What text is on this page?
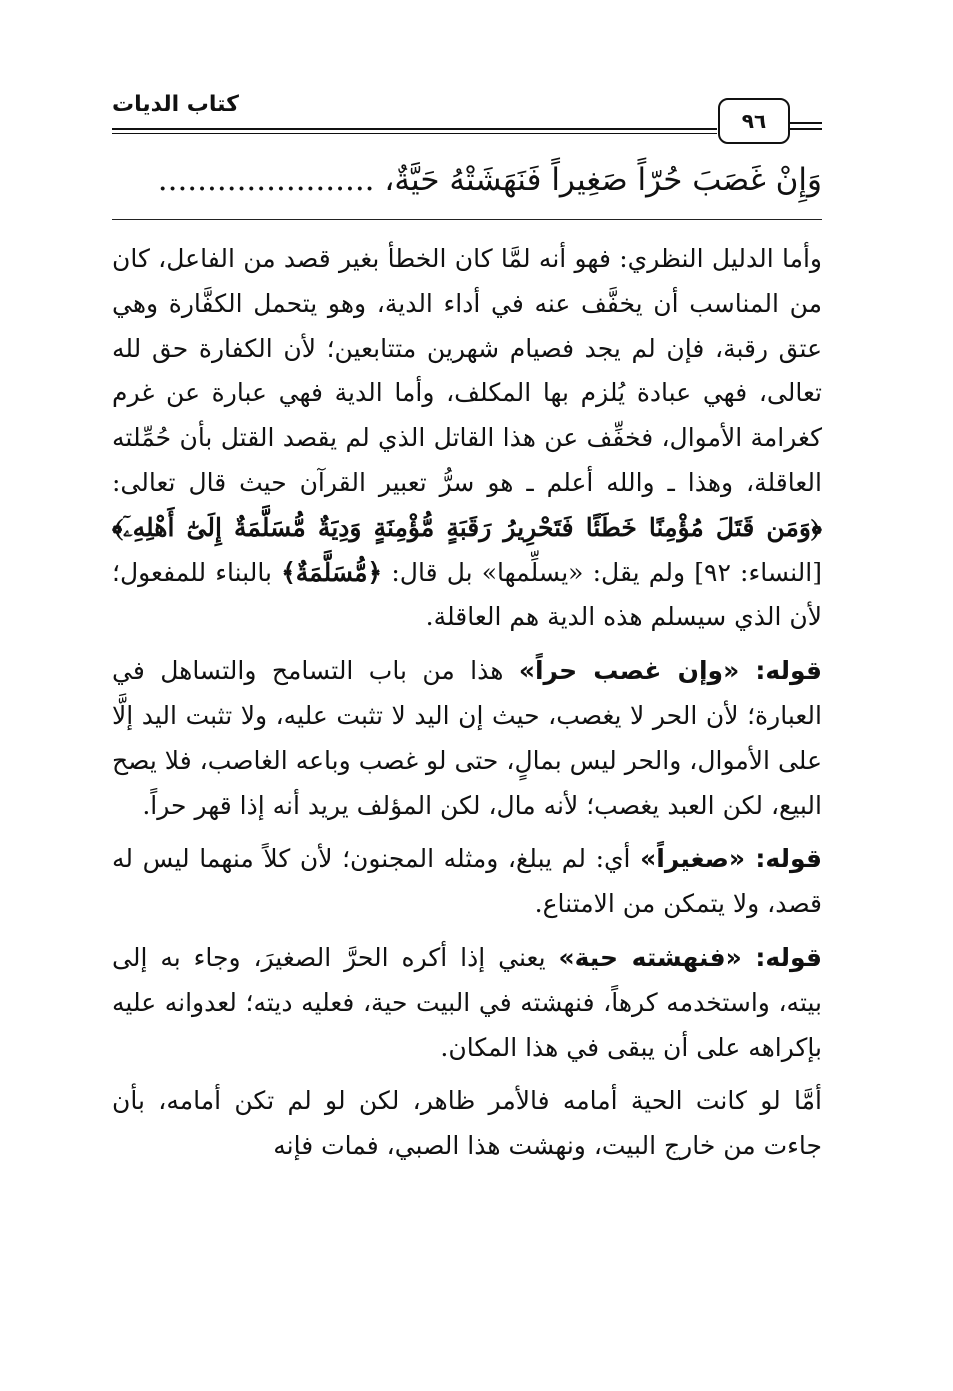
كتاب الديات
٩٦
وَإِنْ غَصَبَ حُرّاً صَغِيراً فَنَهَشَتْهُ حَيَّةٌ، ......................

وأما الدليل النظري: فهو أنه لمَّا كان الخطأ بغير قصد من الفاعل، كان من المناسب أن يخفَّف عنه في أداء الدية، وهو يتحمل الكفَّارة وهي عتق رقبة، فإن لم يجد فصيام شهرين متتابعين؛ لأن الكفارة حق لله تعالى، فهي عبادة يُلزم بها المكلف، وأما الدية فهي عبارة عن غرم كغرامة الأموال، فخفِّف عن هذا القاتل الذي لم يقصد القتل بأن حُمِّلته العاقلة، وهذا ـ والله أعلم ـ هو سرُّ تعبير القرآن حيث قال تعالى: ﴿وَمَن قَتَلَ مُؤْمِنًا خَطَئًا فَتَحْرِيرُ رَقَبَةٍ مُّؤْمِنَةٍ وَدِيَةٌ مُّسَلَّمَةٌ إِلَىٰٓ أَهْلِهِۦٓ﴾ [النساء: ٩٢] ولم يقل: «يسلِّمها» بل قال: ﴿مُّسَلَّمَةٌ﴾ بالبناء للمفعول؛ لأن الذي سيسلم هذه الدية هم العاقلة.

قوله: «وإن غصب حراً» هذا من باب التسامح والتساهل في العبارة؛ لأن الحر لا يغصب، حيث إن اليد لا تثبت عليه، ولا تثبت اليد إلَّا على الأموال، والحر ليس بمالٍ، حتى لو غصب وباعه الغاصب، فلا يصح البيع، لكن العبد يغصب؛ لأنه مال، لكن المؤلف يريد أنه إذا قهر حراً.

قوله: «صغيراً» أي: لم يبلغ، ومثله المجنون؛ لأن كلاً منهما ليس له قصد، ولا يتمكن من الامتناع.

قوله: «فنهشته حية» يعني إذا أكره الحرَّ الصغيرَ، وجاء به إلى بيته، واستخدمه كرهاً، فنهشته في البيت حية، فعليه ديته؛ لعدوانه عليه بإكراهه على أن يبقى في هذا المكان.

أمَّا لو كانت الحية أمامه فالأمر ظاهر، لكن لو لم تكن أمامه، بأن جاءت من خارج البيت، ونهشت هذا الصبي، فمات فإنه
